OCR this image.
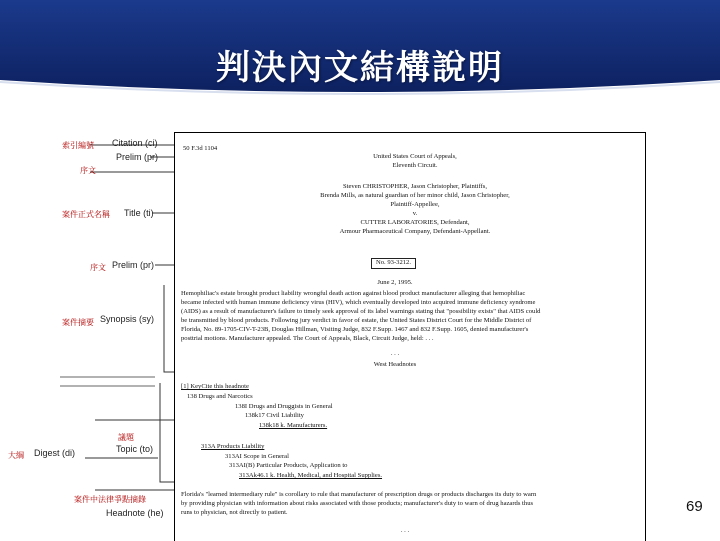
判決內文結構說明
索引編號 Citation (ci)
Prelim (pr)
序文
案件正式名稱 Title (ti)
序文 Prelim (pr)
案件摘要 Synopsis (sy)
議題
Topic (to)
大綱 Digest (di)
案件中法律爭點摘錄
Headnote (he)
50 F.3d 1104
United States Court of Appeals,
Eleventh Circuit.
Steven CHRISTOPHER, Jason Christopher, Plaintiffs,
Brenda Mills, as natural guardian of her minor child, Jason Christopher,
Plaintiff-Appellee,
v.
CUTTER LABORATORIES, Defendant,
Armour Pharmaceutical Company, Defendant-Appellant.
No. 93-3212.
June 2, 1995.
Hemophiliac's estate brought product liability wrongful death action against blood product manufacturer alleging that hemophiliac
became infected with human immune deficiency virus (HIV), which eventually developed into acquired immune deficiency syndrome
(AIDS) as a result of manufacturer's failure to timely seek approval of its label warnings stating that "possibility exists" that AIDS could
be transmitted by blood products. Following jury verdict in favor of estate, the United States District Court for the Middle District of
Florida, No. 89-1705-CIV-T-23B, Douglas Hillman, Visiting Judge, 832 F.Supp. 1467 and 832 F.Supp. 1605, denied manufacturer's
posttrial motions. Manufacturer appealed. The Court of Appeals, Black, Circuit Judge, held: . . .
. . .
West Headnotes
[1] KeyCite this headnote
138 Drugs and Narcotics
138I Drugs and Druggists in General
138k17 Civil Liability
138k18 k. Manufacturers.
313A Products Liability
313AI Scope in General
313AI(B) Particular Products, Application to
313Ak46.1 k. Health, Medical, and Hospital Supplies.
Florida's "learned intermediary rule" is corollary to rule that manufacturer of prescription drugs or products discharges its duty to warn
by providing physician with information about risks associated with those products; manufacturer's duty to warn of drug hazards thus
runs to physician, not directly to patient.
. . .
69
